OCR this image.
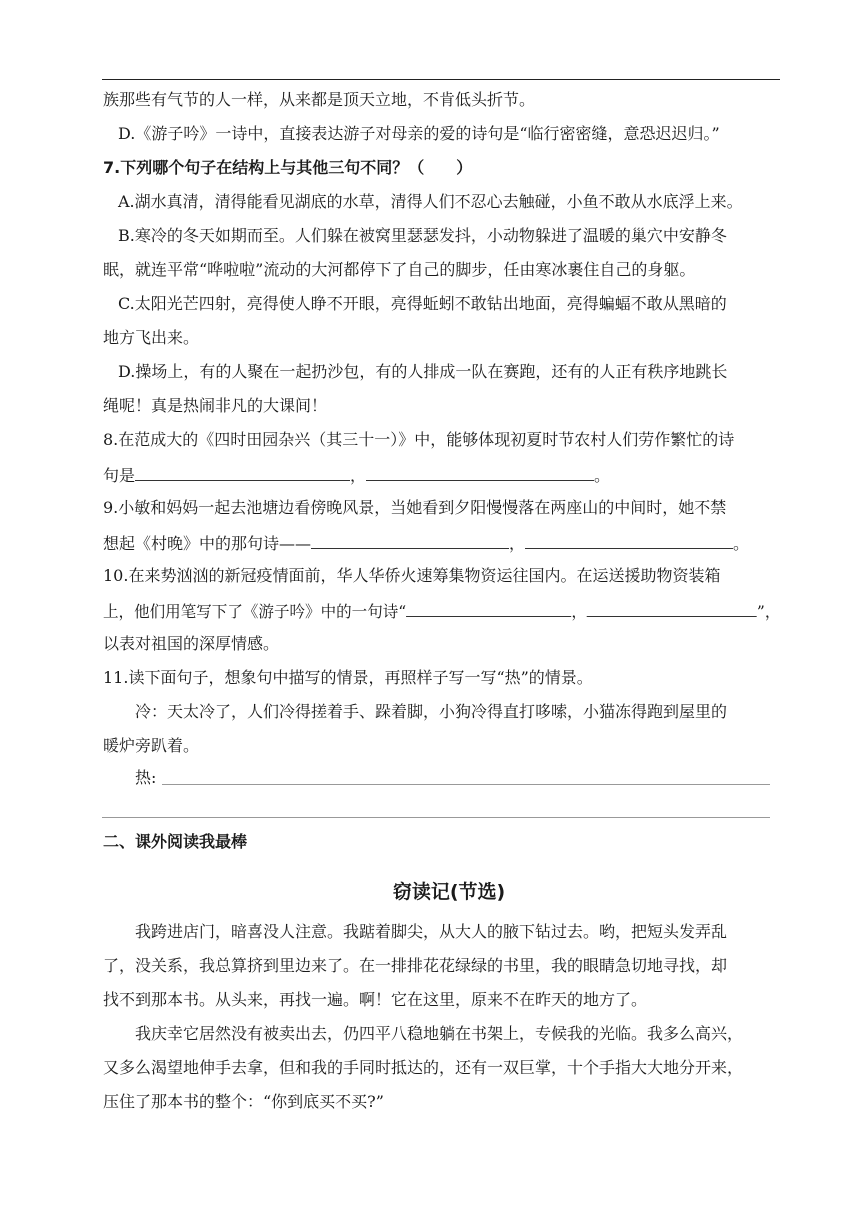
族那些有气节的人一样，从来都是顶天立地，不肯低头折节。
D.《游子吟》一诗中，直接表达游子对母亲的爱的诗句是“临行密密缝，意恐迟迟归。”
7.下列哪个句子在结构上与其他三句不同？（　　）
A.湖水真清，清得能看见湖底的水草，清得人们不忍心去触碰，小鱼不敢从水底浮上来。
B.寒冷的冬天如期而至。人们躲在被窝里瑟瑟发抖，小动物躲进了温暖的巢穴中安静冬
眠，就连平常“哗啦啦”流动的大河都停下了自己的脚步，任由寒冰裹住自己的身躯。
C.太阳光芒四射，亮得使人睁不开眼，亮得蚯蚓不敢钻出地面，亮得蝙蝠不敢从黑暗的
地方飞出来。
D.操场上，有的人聚在一起扔沙包，有的人排成一队在赛跑，还有的人正有秩序地跳长
绳呢！真是热闹非凡的大课间！
8.在范成大的《四时田园杂兴（其三十一）》中，能够体现初夏时节农村人们劳作繁忙的诗
句是	，	。
9.小敏和妈妈一起去池塘边看傍晚风景，当她看到夕阳慢慢落在两座山的中间时，她不禁
想起《村晚》中的那句诗——	，	。
10.在来势汹汹的新冠疫情面前，华人华侨火速筹集物资运往国内。在运送援助物资装箱
上，他们用笔写下了《游子吟》中的一句诗“	，	”，
以表对祖国的深厚情感。
11.读下面句子，想象句中描写的情景，再照样子写一写“热”的情景。
冷：天太冷了，人们冷得搓着手、跺着脚，小狗冷得直打哆嗦，小猫冻得跑到屋里的
暖炉旁趴着。
热:
二、课外阅读我最棒
窃读记(节选)
我跨进店门，暗喜没人注意。我踮着脚尖，从大人的腋下钻过去。哟，把短头发弄乱
了，没关系，我总算挤到里边来了。在一排排花花绿绿的书里，我的眼睛急切地寻找，却
找不到那本书。从头来，再找一遍。啊！它在这里，原来不在昨天的地方了。
我庆幸它居然没有被卖出去，仍四平八稳地躺在书架上，专候我的光临。我多么高兴，
又多么渴望地伸手去拿，但和我的手同时抵达的，还有一双巨掌，十个手指大大地分开来，
压住了那本书的整个：“你到底买不买?”
